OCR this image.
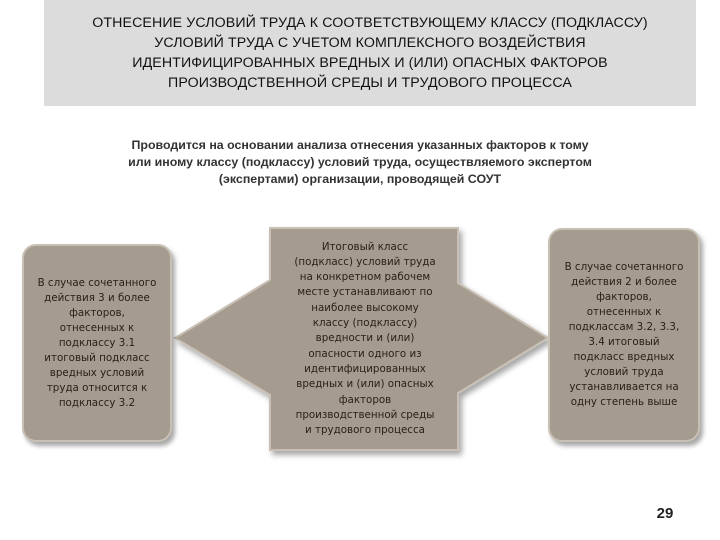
ОТНЕСЕНИЕ УСЛОВИЙ ТРУДА К СООТВЕТСТВУЮЩЕМУ КЛАССУ (ПОДКЛАССУ)
УСЛОВИЙ ТРУДА С УЧЕТОМ КОМПЛЕКСНОГО ВОЗДЕЙСТВИЯ
ИДЕНТИФИЦИРОВАННЫХ ВРЕДНЫХ И (ИЛИ) ОПАСНЫХ ФАКТОРОВ
ПРОИЗВОДСТВЕННОЙ СРЕДЫ И ТРУДОВОГО ПРОЦЕССА
Проводится на основании анализа отнесения указанных факторов к тому
или иному классу (подклассу) условий труда, осуществляемого экспертом
(экспертами) организации, проводящей СОУТ
В случае сочетанного
действия 3 и более
факторов,
отнесенных к
подклассу 3.1
итоговый подкласс
вредных условий
труда относится к
подклассу 3.2
Итоговый класс
(подкласс) условий труда
на конкретном рабочем
месте устанавливают по
наиболее высокому
классу (подклассу)
вредности и (или)
опасности одного из
идентифицированных
вредных и (или) опасных
факторов
производственной среды
и трудового процесса
В случае сочетанного
действия 2 и более
факторов,
отнесенных к
подклассам 3.2, 3.3,
3.4 итоговый
подкласс вредных
условий труда
устанавливается на
одну степень выше
29
